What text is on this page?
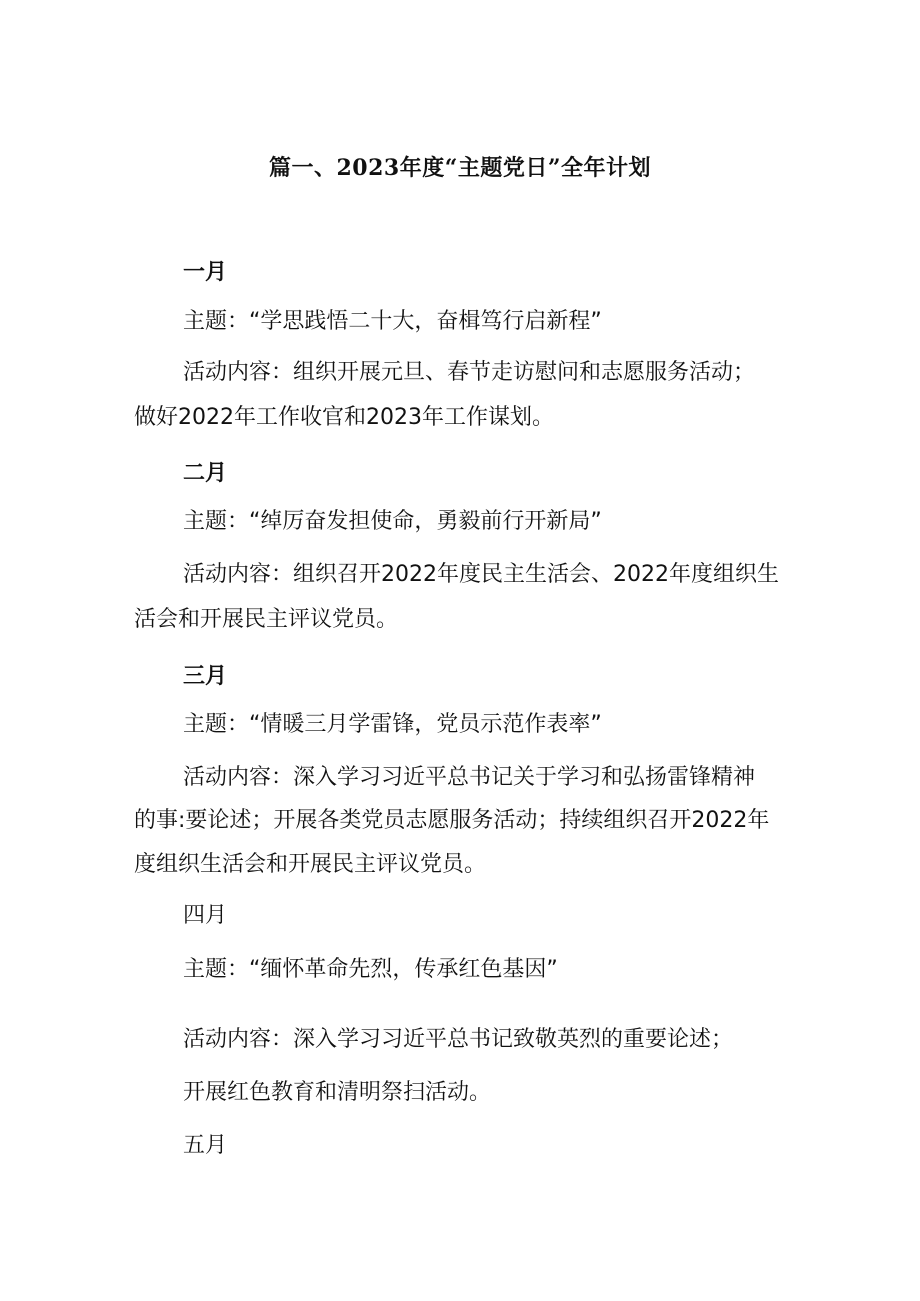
篇一、2023年度“主题党日”全年计划
一月
主题：“学思践悟二十大，奋楫笃行启新程”
活动内容：组织开展元旦、春节走访慰问和志愿服务活动；
做好2022年工作收官和2023年工作谋划。
二月
主题：“绰厉奋发担使命，勇毅前行开新局”
活动内容：组织召开2022年度民主生活会、2022年度组织生
活会和开展民主评议党员。
三月
主题：“情暖三月学雷锋，党员示范作表率”
活动内容：深入学习习近平总书记关于学习和弘扬雷锋精神
的事:要论述；开展各类党员志愿服务活动；持续组织召开2022年
度组织生活会和开展民主评议党员。
四月
主题：“缅怀革命先烈，传承红色基因”
活动内容：深入学习习近平总书记致敬英烈的重要论述；
开展红色教育和清明祭扫活动。
五月
